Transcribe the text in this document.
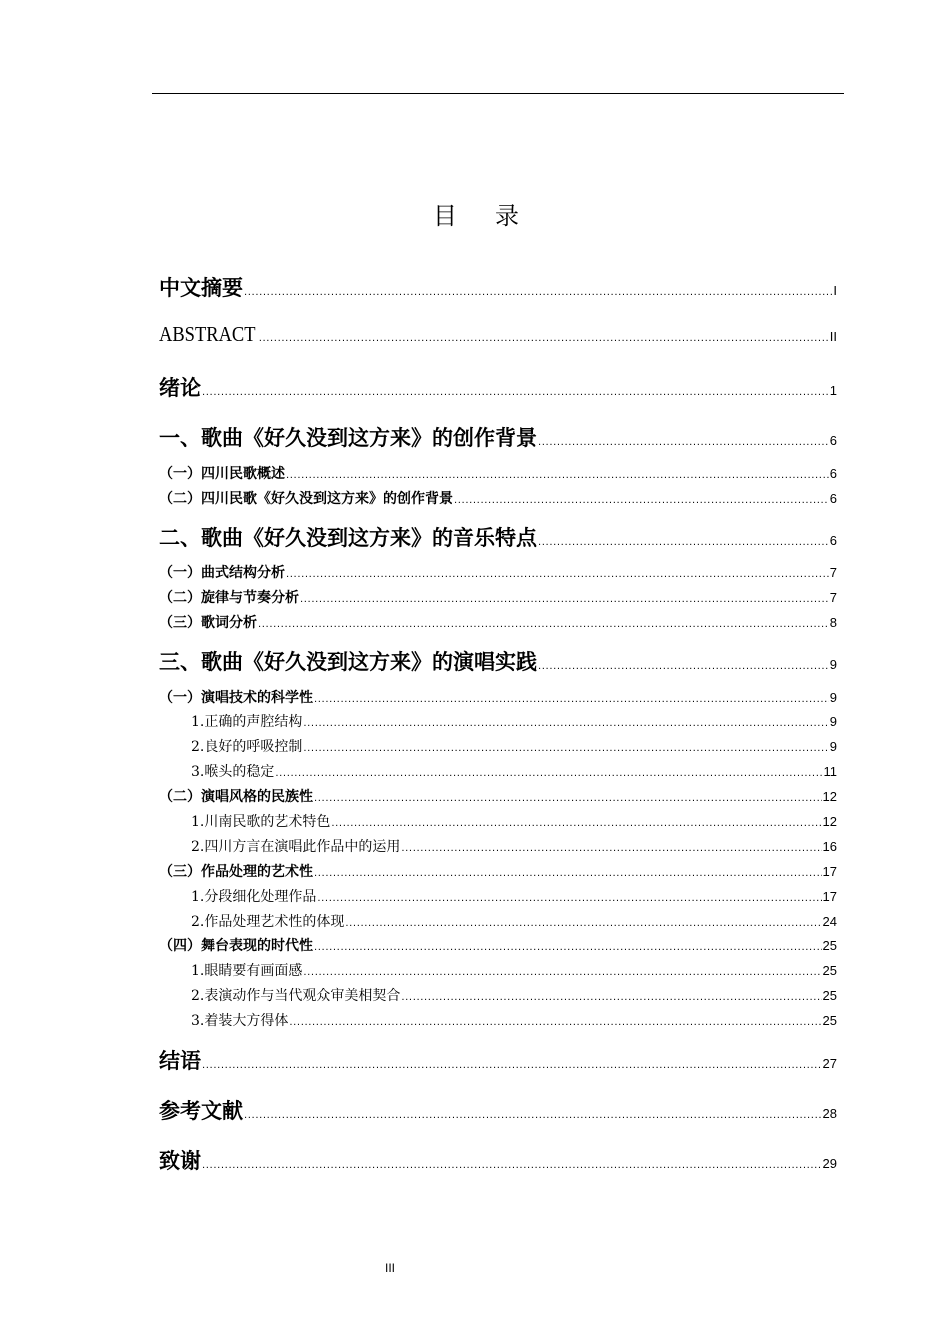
目录
中文摘要 .....	I
ABSTRACT .....	II
绪论 .....	1
一、歌曲《好久没到这方来》的创作背景 .....	6
（一）四川民歌概述 .....	6
（二）四川民歌《好久没到这方来》的创作背景 .....	6
二、歌曲《好久没到这方来》的音乐特点 .....	6
（一）曲式结构分析 .....	7
（二）旋律与节奏分析 .....	7
（三）歌词分析 .....	8
三、歌曲《好久没到这方来》的演唱实践 .....	9
（一）演唱技术的科学性 .....	9
1.正确的声腔结构 .....	9
2.良好的呼吸控制 .....	9
3.喉头的稳定 .....	11
（二）演唱风格的民族性 .....	12
1.川南民歌的艺术特色 .....	12
2.四川方言在演唱此作品中的运用 .....	16
（三）作品处理的艺术性 .....	17
1.分段细化处理作品 .....	17
2.作品处理艺术性的体现 .....	24
（四）舞台表现的时代性 .....	25
1.眼睛要有画面感 .....	25
2.表演动作与当代观众审美相契合 .....	25
3.着装大方得体 .....	25
结语 .....	27
参考文献 .....	28
致谢 .....	29
III
